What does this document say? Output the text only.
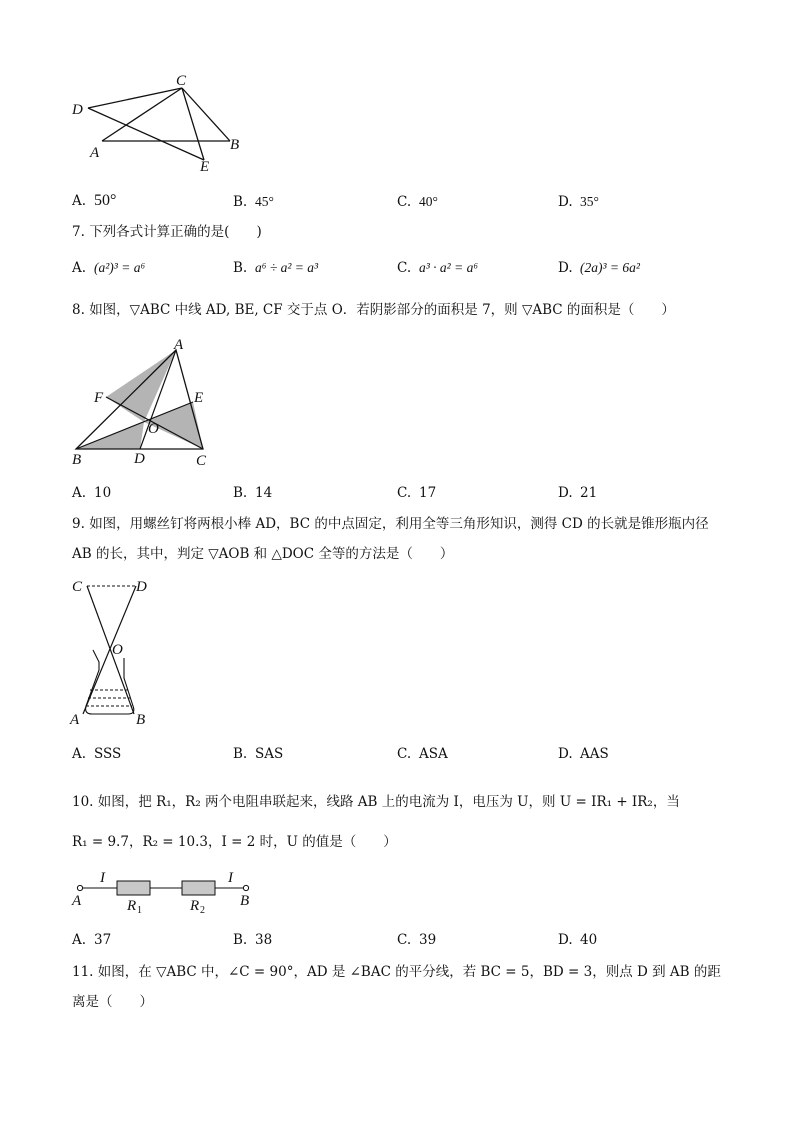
C
D
A	B
E
A. 50°	B. 45°	C. 40°	D. 35°
7. 下列各式计算正确的是(　　)
A. (a²)³ = a⁶	B. a⁶ ÷ a² = a³	C. a³ · a² = a⁶	D. (2a)³ = 6a²
8. 如图，▽ABC 中线 AD, BE, CF 交于点 O．若阴影部分的面积是 7，则 ▽ABC 的面积是（　　）
A
B	C
D
E
F
O
A. 10	B. 14	C. 17	D. 21
9. 如图，用螺丝钉将两根小棒 AD，BC 的中点固定，利用全等三角形知识，测得 CD 的长就是锥形瓶内径
AB 的长，其中，判定 ▽AOB 和 △DOC 全等的方法是（　　）
C	D
O
A	B
A. SSS	B. SAS	C. ASA	D. AAS
10. 如图，把 R₁，R₂ 两个电阻串联起来，线路 AB 上的电流为 I，电压为 U，则 U = IR₁ + IR₂，当
R₁ = 9.7，R₂ = 10.3，I = 2 时，U 的值是（　　）
I	I
A	B
R 1	R 2
A. 37	B. 38	C. 39	D. 40
11. 如图，在 ▽ABC 中，∠C = 90°，AD 是 ∠BAC 的平分线，若 BC = 5，BD = 3，则点 D 到 AB 的距
离是（　　）
